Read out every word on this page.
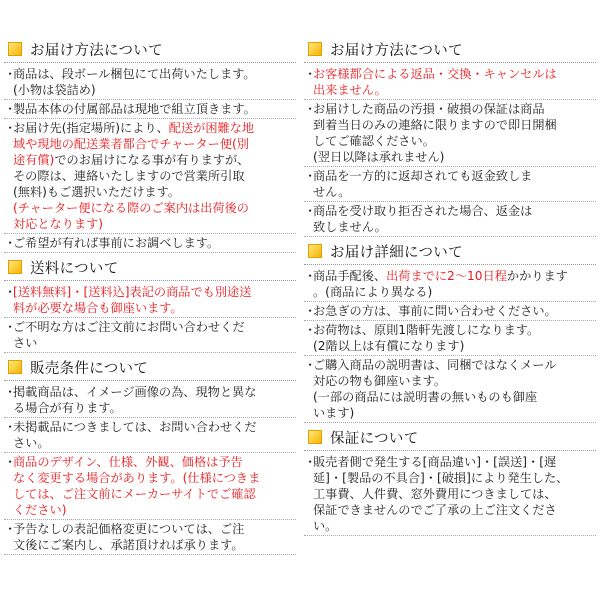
お届け方法について
・
商品は、段ボール梱包にて出荷いたします。
(小物は袋詰め)
・
製品本体の付属部品は現地で組立頂きます。
・
お届け先(指定場所)により、配送が困難な地
域や現地の配送業者都合でチャーター便(別
途有償)でのお届けになる事が有りますが、
その際は、連絡いたしますので営業所引取
(無料)もご選択いただけます。
(チャーター便になる際のご案内は出荷後の
対応となります)
・
ご希望が有れば事前にお調べします。
送料について
・
[送料無料]・[送料込]表記の商品でも別途送
料が必要な場合も御座います。
・
ご不明な方はご注文前にお問い合わせくだ
さい
販売条件について
・
掲載商品は、イメージ画像の為、現物と異な
る場合が有ります。
・
未掲載品につきましては、お問い合わせくだ
さい。
・
商品のデザイン、仕様、外観、価格は予告
なく変更する場合があります。(仕様につきま
しては、ご注文前にメーカーサイトでご確認
ください)
・
予告なしの表記価格変更については、ご注
文後にご案内し、承諾頂ければ承ります。
お届け方法について
・
お客様都合による返品・交換・キャンセルは
出来ません。
・
お届けした商品の汚損・破損の保証は商品
到着当日のみの連絡に限りますので即日開梱
してご確認ください。
(翌日以降は承れません)
・
商品を一方的に返却されても返金致しま
せん。
・
商品を受け取り拒否された場合、返金は
致しません。
お届け詳細について
・
商品手配後、出荷までに2〜10日程かかります
。(商品により異なる)
・
お急ぎの方は、事前に問い合わせください。
・
お荷物は、原則1階軒先渡しになります。
(2階以上は有償になります)
・
ご購入商品の説明書は、同梱ではなくメール
対応の物も御座います。
(一部の商品には説明書の無いものも御座
います)
保証について
・
販売者側で発生する[商品違い]・[誤送]・[遅
延]・[製品の不具合]・[破損]により発生した、
工事費、人件費、窓外費用につきましては、
保証できませんのでご了承の上ご注文くださ
い。
